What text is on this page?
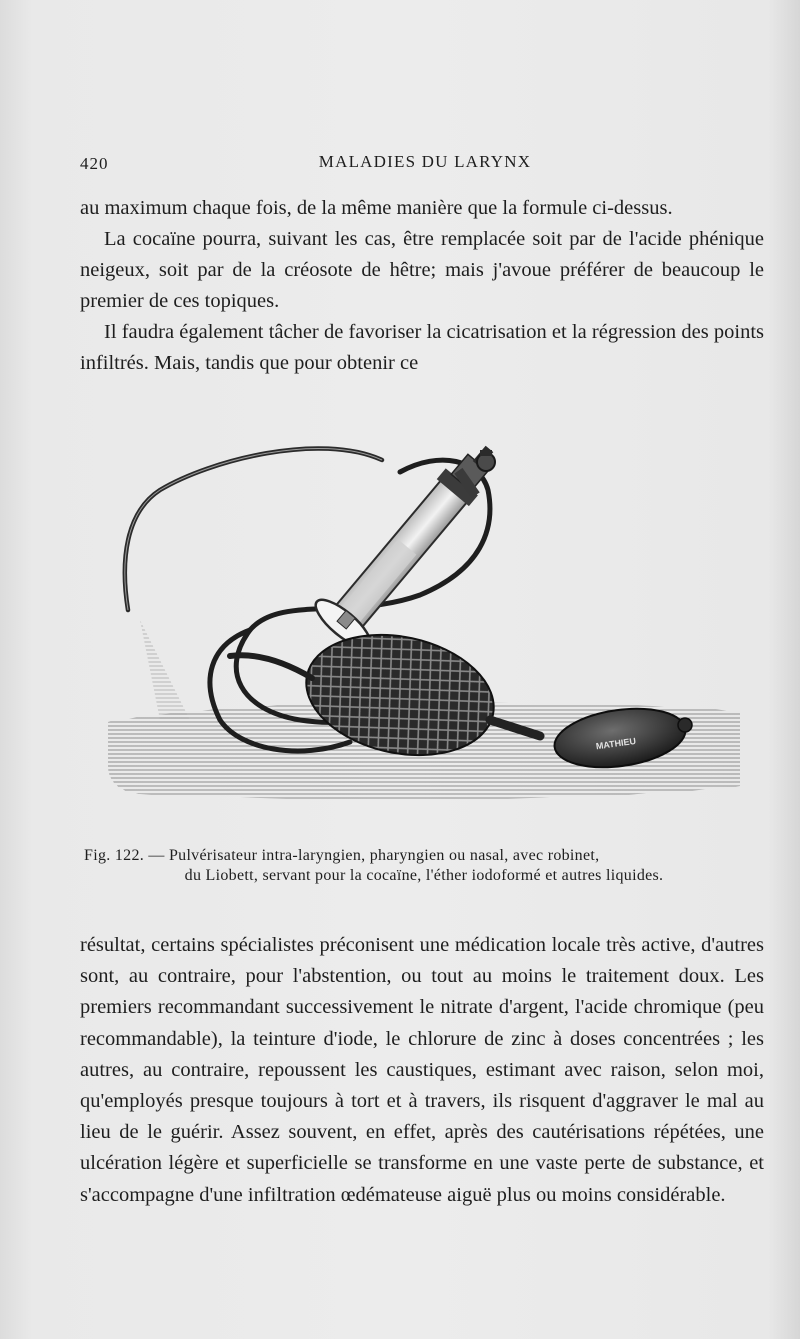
420	MALADIES DU LARYNX

au maximum chaque fois, de la même manière que la formule ci-dessus.

La cocaïne pourra, suivant les cas, être remplacée soit par de l'acide phénique neigeux, soit par de la créosote de hêtre; mais j'avoue préférer de beaucoup le premier de ces topiques.

Il faudra également tâcher de favoriser la cicatrisation et la régression des points infiltrés. Mais, tandis que pour obtenir ce

MATHIEU
Fig. 122. — Pulvérisateur intra-laryngien, pharyngien ou nasal, avec robinet,
du Liobett, servant pour la cocaïne, l'éther iodoformé et autres liquides.

résultat, certains spécialistes préconisent une médication locale très active, d'autres sont, au contraire, pour l'abstention, ou tout au moins le traitement doux. Les premiers recommandant successivement le nitrate d'argent, l'acide chromique (peu recommandable), la teinture d'iode, le chlorure de zinc à doses concentrées ; les autres, au contraire, repoussent les caustiques, estimant avec raison, selon moi, qu'employés presque toujours à tort et à travers, ils risquent d'aggraver le mal au lieu de le guérir. Assez souvent, en effet, après des cautérisations répétées, une ulcération légère et superficielle se transforme en une vaste perte de substance, et s'accompagne d'une infiltration œdémateuse aiguë plus ou moins considérable.
